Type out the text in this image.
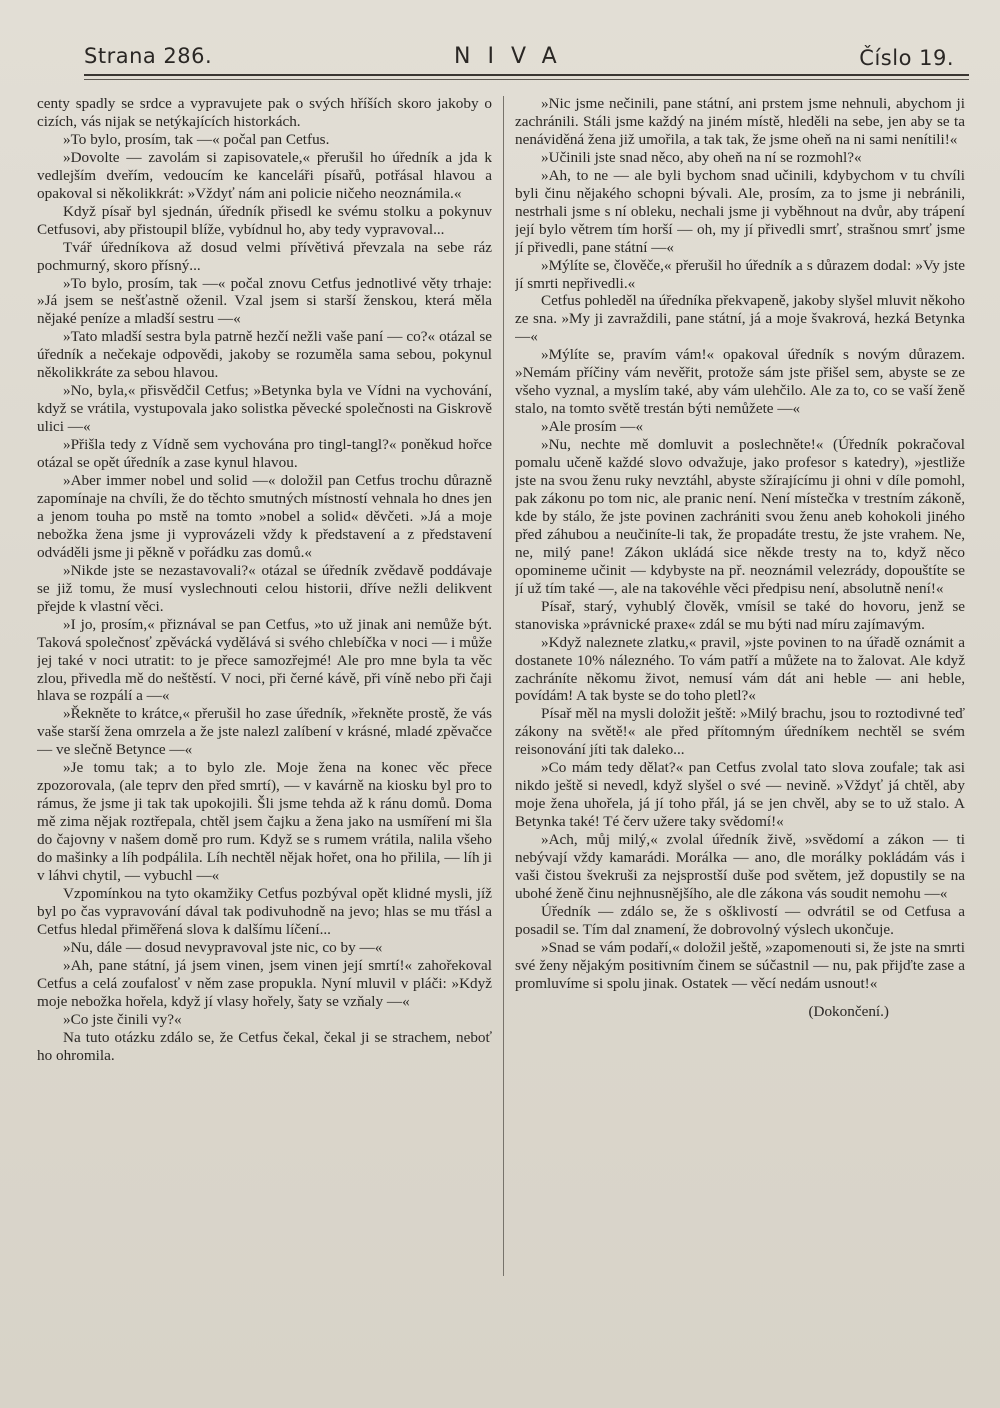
Strana 286.	NIVA	Číslo 19.

centy spadly se srdce a vypravujete pak o svých hříších skoro jakoby o cizích, vás nijak se netýkajících historkách.

»To bylo, prosím, tak —« počal pan Cetfus.

»Dovolte — zavolám si zapisovatele,« přerušil ho úředník a jda k vedlejším dveřím, vedoucím ke kanceláři písařů, potřásal hlavou a opakoval si několikkrát: »Vždyť nám ani policie ničeho neoznámila.«

Když písař byl sjednán, úředník přisedl ke svému stolku a pokynuv Cetfusovi, aby přistoupil blíže, vybídnul ho, aby tedy vypravoval...

Tvář úředníkova až dosud velmi přívětivá převzala na sebe ráz pochmurný, skoro přísný...

»To bylo, prosím, tak —« počal znovu Cetfus jednotlivé věty trhaje: »Já jsem se nešťastně oženil. Vzal jsem si starší ženskou, která měla nějaké peníze a mladší sestru —«

»Tato mladší sestra byla patrně hezčí nežli vaše paní — co?« otázal se úředník a nečekaje odpovědi, jakoby se rozuměla sama sebou, pokynul několikkráte za sebou hlavou.

»No, byla,« přisvědčil Cetfus; »Betynka byla ve Vídni na vychování, když se vrátila, vystupovala jako solistka pěvecké společnosti na Giskrově ulici —«

»Přišla tedy z Vídně sem vychována pro tingl-tangl?« poněkud hořce otázal se opět úředník a zase kynul hlavou.

»Aber immer nobel und solid —« doložil pan Cetfus trochu důrazně zapomínaje na chvíli, že do těchto smutných místností vehnala ho dnes jen a jenom touha po mstě na tomto »nobel a solid« děvčeti. »Já a moje nebožka žena jsme ji vyprovázeli vždy k představení a z představení odváděli jsme ji pěkně v pořádku zas domů.«

»Nikde jste se nezastavovali?« otázal se úředník zvědavě poddávaje se již tomu, že musí vyslechnouti celou historii, dříve nežli delikvent přejde k vlastní věci.

»I jo, prosím,« přiznával se pan Cetfus, »to už jinak ani nemůže být. Taková společnosť zpěvácká vydělává si svého chlebíčka v noci — i může jej také v noci utratit: to je přece samozřejmé! Ale pro mne byla ta věc zlou, přivedla mě do neštěstí. V noci, při černé kávě, při víně nebo při čaji hlava se rozpálí a —«

»Řekněte to krátce,« přerušil ho zase úředník, »řekněte prostě, že vás vaše starší žena omrzela a že jste nalezl zalíbení v krásné, mladé zpěvačce — ve slečně Betynce —«

»Je tomu tak; a to bylo zle. Moje žena na konec věc přece zpozorovala, (ale teprv den před smrtí), — v kavárně na kiosku byl pro to rámus, že jsme ji tak tak upokojili. Šli jsme tehda až k ránu domů. Doma mě zima nějak roztřepala, chtěl jsem čajku a žena jako na usmíření mi šla do čajovny v našem domě pro rum. Když se s rumem vrátila, nalila všeho do mašinky a líh podpálila. Líh nechtěl nějak hořet, ona ho přilila, — líh ji v láhvi chytil, — vybuchl —«

Vzpomínkou na tyto okamžiky Cetfus pozbýval opět klidné mysli, jíž byl po čas vypravování dával tak podivuhodně na jevo; hlas se mu třásl a Cetfus hledal přiměřená slova k dalšímu líčení...

»Nu, dále — dosud nevypravoval jste nic, co by —«

»Ah, pane státní, já jsem vinen, jsem vinen její smrtí!« zahořekoval Cetfus a celá zoufalosť v něm zase propukla. Nyní mluvil v pláči: »Když moje nebožka hořela, když jí vlasy hořely, šaty se vzňaly —«

»Co jste činili vy?«

Na tuto otázku zdálo se, že Cetfus čekal, čekal ji se strachem, neboť ho ohromila.

»Nic jsme nečinili, pane státní, ani prstem jsme nehnuli, abychom ji zachránili. Stáli jsme každý na jiném místě, hleděli na sebe, jen aby se ta nenáviděná žena již umořila, a tak tak, že jsme oheň na ni sami nenítili!«

»Učinili jste snad něco, aby oheň na ní se rozmohl?«

»Ah, to ne — ale byli bychom snad učinili, kdybychom v tu chvíli byli činu nějakého schopni bývali. Ale, prosím, za to jsme ji nebránili, nestrhali jsme s ní obleku, nechali jsme ji vyběhnout na dvůr, aby trápení její bylo větrem tím horší — oh, my jí přivedli smrť, strašnou smrť jsme jí přivedli, pane státní —«

»Mýlíte se, člověče,« přerušil ho úředník a s důrazem dodal: »Vy jste jí smrti nepřivedli.«

Cetfus pohleděl na úředníka překvapeně, jakoby slyšel mluvit někoho ze sna. »My ji zavraždili, pane státní, já a moje švakrová, hezká Betynka —«

»Mýlíte se, pravím vám!« opakoval úředník s novým důrazem. »Nemám příčiny vám nevěřit, protože sám jste přišel sem, abyste se ze všeho vyznal, a myslím také, aby vám ulehčilo. Ale za to, co se vaší ženě stalo, na tomto světě trestán býti nemůžete —«

»Ale prosím —«

»Nu, nechte mě domluvit a poslechněte!« (Úředník pokračoval pomalu učeně každé slovo odvažuje, jako profesor s katedry), »jestliže jste na svou ženu ruky nevztáhl, abyste sžírajícímu ji ohni v díle pomohl, pak zákonu po tom nic, ale pranic není. Není místečka v trestním zákoně, kde by stálo, že jste povinen zachrániti svou ženu aneb kohokoli jiného před záhubou a neučiníte-li tak, že propadáte trestu, že jste vrahem. Ne, ne, milý pane! Zákon ukládá sice někde tresty na to, když něco opomineme učinit — kdybyste na př. neoznámil velezrády, dopouštíte se jí už tím také —, ale na takovéhle věci předpisu není, absolutně není!«

Písař, starý, vyhublý člověk, vmísil se také do hovoru, jenž se stanoviska »právnické praxe« zdál se mu býti nad míru zajímavým.

»Když naleznete zlatku,« pravil, »jste povinen to na úřadě oznámit a dostanete 10% nálezného. To vám patří a můžete na to žalovat. Ale když zachráníte někomu život, nemusí vám dát ani heble — ani heble, povídám! A tak byste se do toho pletl?«

Písař měl na mysli doložit ještě: »Milý brachu, jsou to roztodivné teď zákony na světě!« ale před přítomným úředníkem nechtěl se svém reisonování jíti tak daleko...

»Co mám tedy dělat?« pan Cetfus zvolal tato slova zoufale; tak asi nikdo ještě si nevedl, když slyšel o své — nevině. »Vždyť já chtěl, aby moje žena uhořela, já jí toho přál, já se jen chvěl, aby se to už stalo. A Betynka také! Té červ užere taky svědomí!«

»Ach, můj milý,« zvolal úředník živě, »svědomí a zákon — ti nebývají vždy kamarádi. Morálka — ano, dle morálky pokládám vás i vaši čistou švekruši za nejsprostší duše pod světem, jež dopustily se na ubohé ženě činu nejhnusnějšího, ale dle zákona vás soudit nemohu —«

Úředník — zdálo se, že s ošklivostí — odvrátil se od Cetfusa a posadil se. Tím dal znamení, že dobrovolný výslech ukončuje.

»Snad se vám podaří,« doložil ještě, »zapomenouti si, že jste na smrti své ženy nějakým positivním činem se súčastnil — nu, pak přijďte zase a promluvíme si spolu jinak. Ostatek — věcí nedám usnout!«

(Dokončení.)
